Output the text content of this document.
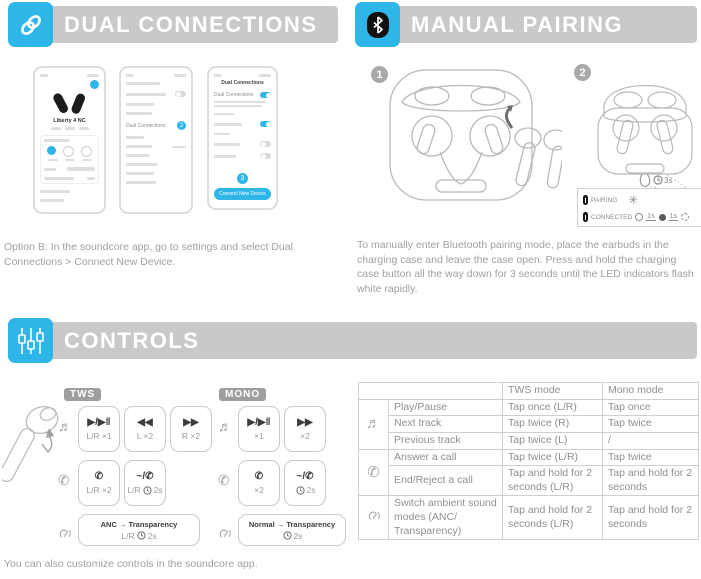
DUAL CONNECTIONS	MANUAL PAIRING
Liberty 4 NC
Dual Connections	2
Dual Connections
Dual Connections
3
Connect New Device
Option B: In the soundcore app, go to settings and select Dual Connections > Connect New Device.
1	2
3s
PAIRING ✳
CONNECTED 1s 1s
To manually enter Bluetooth pairing mode, place the earbuds in the charging case and leave the case open. Press and hold the charging case button all the way down for 3 seconds until the LED indicators flash white rapidly.
CONTROLS
TWS	MONO
♬	▶/▶‖
L/R ×1
◀◀
L ×2
▶▶
R ×2
✆	✆
L/R ×2
~/✆
L/R
2s
ANC → Transparency
L/R
2s
♬	▶/▶‖
×1
▶▶
×2
✆	✆
×2
~/✆
2s
Normal → Transparency
2s
		TWS mode	Mono mode
♬	Play/Pause	Tap once (L/R)	Tap once
	Next track	Tap twice (R)	Tap twice
	Previous track	Tap twice (L)	/
✆	Answer a call	Tap twice (L/R)	Tap twice
	End/Reject a call	Tap and hold for 2 seconds (L/R)	Tap and hold for 2 seconds
	Switch ambient sound modes (ANC/ Transparency)	Tap and hold for 2 seconds (L/R)	Tap and hold for 2 seconds
You can also customize controls in the soundcore app.
